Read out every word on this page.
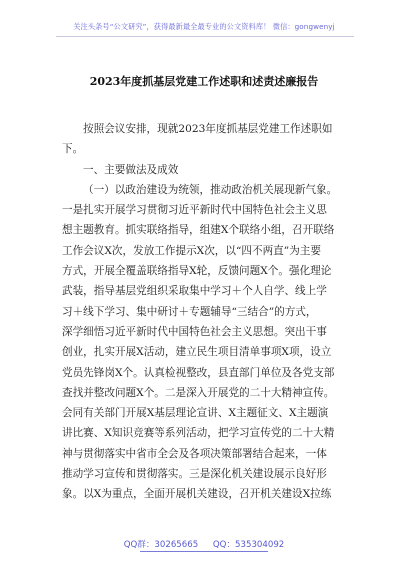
关注头条号“公文研究”，获得最新最全最专业的公文资料库！ 微信：gongwenyj
2023年度抓基层党建工作述职和述责述廉报告
按照会议安排，现就2023年度抓基层党建工作述职如
下。
一、主要做法及成效
（一）以政治建设为统领，推动政治机关展现新气象。
一是扎实开展学习贯彻习近平新时代中国特色社会主义思
想主题教育。抓实联络指导，组建X个联络小组，召开联络
工作会议X次，发放工作提示X次，以“四不两直”为主要
方式，开展全覆盖联络指导X轮，反馈问题X个。强化理论
武装，指导基层党组织采取集中学习＋个人自学、线上学
习＋线下学习、集中研讨＋专题辅导“三结合”的方式，
深学细悟习近平新时代中国特色社会主义思想。突出干事
创业，扎实开展X活动，建立民生项目清单事项X项，设立
党员先锋岗X个。认真检视整改，县直部门单位及各党支部
查找并整改问题X个。二是深入开展党的二十大精神宣传。
会同有关部门开展X基层理论宣讲、X主题征文、X主题演
讲比赛、X知识竞赛等系列活动，把学习宣传党的二十大精
神与贯彻落实中省市全会及各项决策部署结合起来，一体
推动学习宣传和贯彻落实。三是深化机关建设展示良好形
象。以X为重点，全面开展机关建设，召开机关建设X拉练
QQ群：30265665 QQ：535304092
